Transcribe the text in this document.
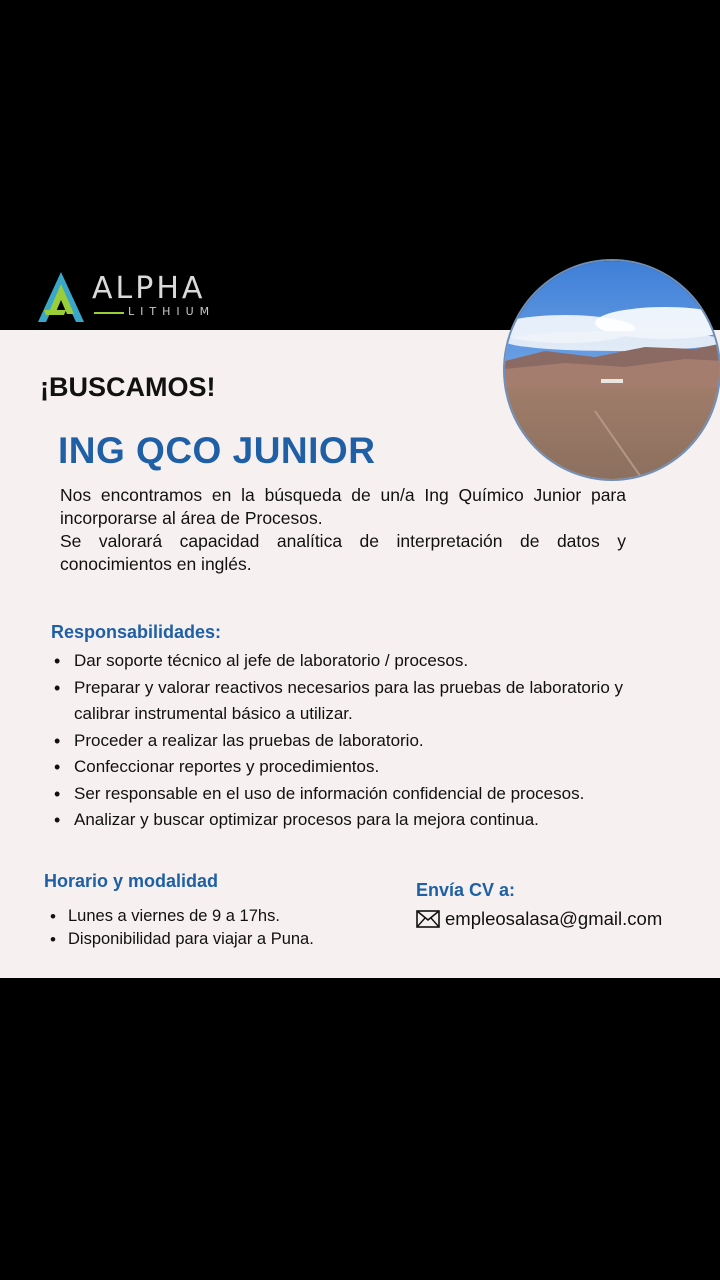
ALPHA
LITHIUM
¡BUSCAMOS!
ING QCO JUNIOR

Nos encontramos en la búsqueda de un/a Ing Químico Junior para incorporarse al área de Procesos.

Se valorará capacidad analítica de interpretación de datos y conocimientos en inglés.

Responsabilidades:
• Dar soporte técnico al jefe de laboratorio / procesos.
• Preparar y valorar reactivos necesarios para las pruebas de laboratorio y calibrar instrumental básico a utilizar.
• Proceder a realizar las pruebas de laboratorio.
• Confeccionar reportes y procedimientos.
• Ser responsable en el uso de información confidencial de procesos.
• Analizar y buscar optimizar procesos para la mejora continua.
Horario y modalidad
• Lunes a viernes de 9 a 17hs.
• Disponibilidad para viajar a Puna.
Envía CV a:
empleosalasa@gmail.com
